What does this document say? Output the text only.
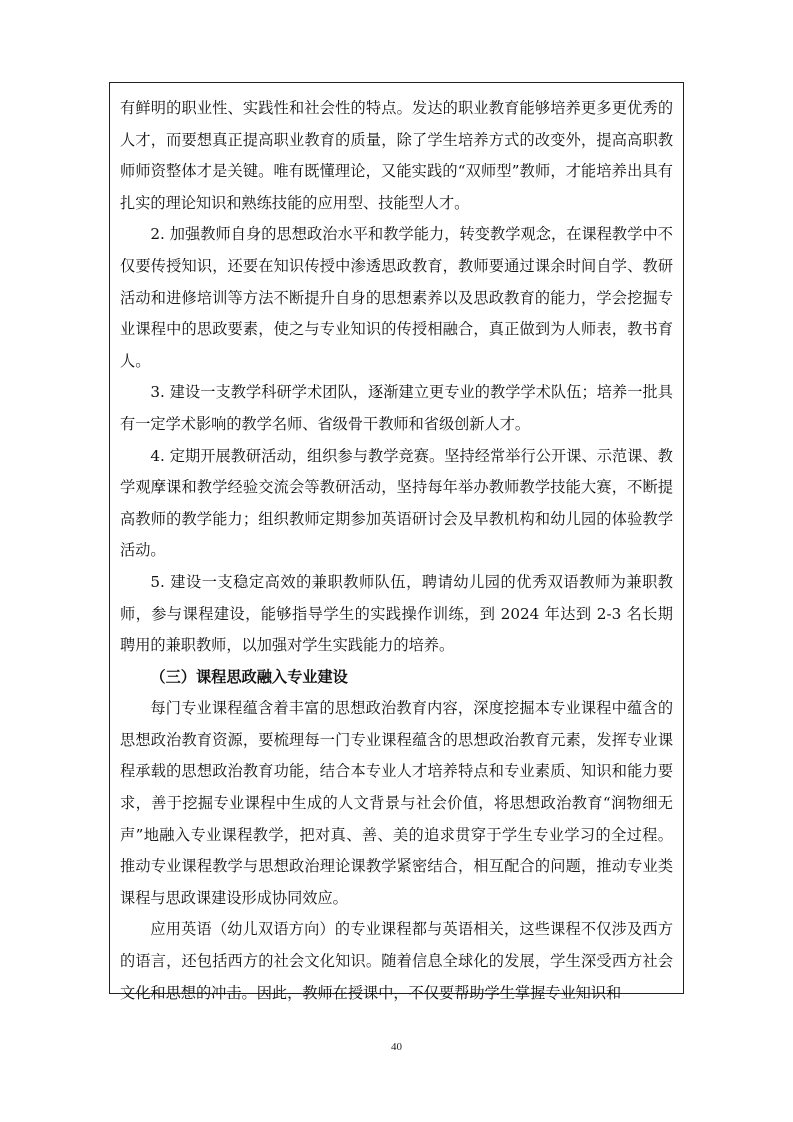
有鲜明的职业性、实践性和社会性的特点。发达的职业教育能够培养更多更优秀的人才，而要想真正提高职业教育的质量，除了学生培养方式的改变外，提高高职教师师资整体才是关键。唯有既懂理论，又能实践的“双师型”教师，才能培养出具有扎实的理论知识和熟练技能的应用型、技能型人才。

2. 加强教师自身的思想政治水平和教学能力，转变教学观念，在课程教学中不仅要传授知识，还要在知识传授中渗透思政教育，教师要通过课余时间自学、教研活动和进修培训等方法不断提升自身的思想素养以及思政教育的能力，学会挖掘专业课程中的思政要素，使之与专业知识的传授相融合，真正做到为人师表，教书育人。

3. 建设一支教学科研学术团队，逐渐建立更专业的教学学术队伍；培养一批具有一定学术影响的教学名师、省级骨干教师和省级创新人才。

4. 定期开展教研活动，组织参与教学竞赛。坚持经常举行公开课、示范课、教学观摩课和教学经验交流会等教研活动，坚持每年举办教师教学技能大赛，不断提高教师的教学能力；组织教师定期参加英语研讨会及早教机构和幼儿园的体验教学活动。

5. 建设一支稳定高效的兼职教师队伍，聘请幼儿园的优秀双语教师为兼职教师，参与课程建设，能够指导学生的实践操作训练，到 2024 年达到 2-3 名长期聘用的兼职教师，以加强对学生实践能力的培养。

（三）课程思政融入专业建设

每门专业课程蕴含着丰富的思想政治教育内容，深度挖掘本专业课程中蕴含的思想政治教育资源，要梳理每一门专业课程蕴含的思想政治教育元素，发挥专业课程承载的思想政治教育功能，结合本专业人才培养特点和专业素质、知识和能力要求，善于挖掘专业课程中生成的人文背景与社会价值，将思想政治教育“润物细无声”地融入专业课程教学，把对真、善、美的追求贯穿于学生专业学习的全过程。推动专业课程教学与思想政治理论课教学紧密结合，相互配合的问题，推动专业类课程与思政课建设形成协同效应。

应用英语（幼儿双语方向）的专业课程都与英语相关，这些课程不仅涉及西方的语言，还包括西方的社会文化知识。随着信息全球化的发展，学生深受西方社会文化和思想的冲击。因此，教师在授课中，不仅要帮助学生掌握专业知识和

40
